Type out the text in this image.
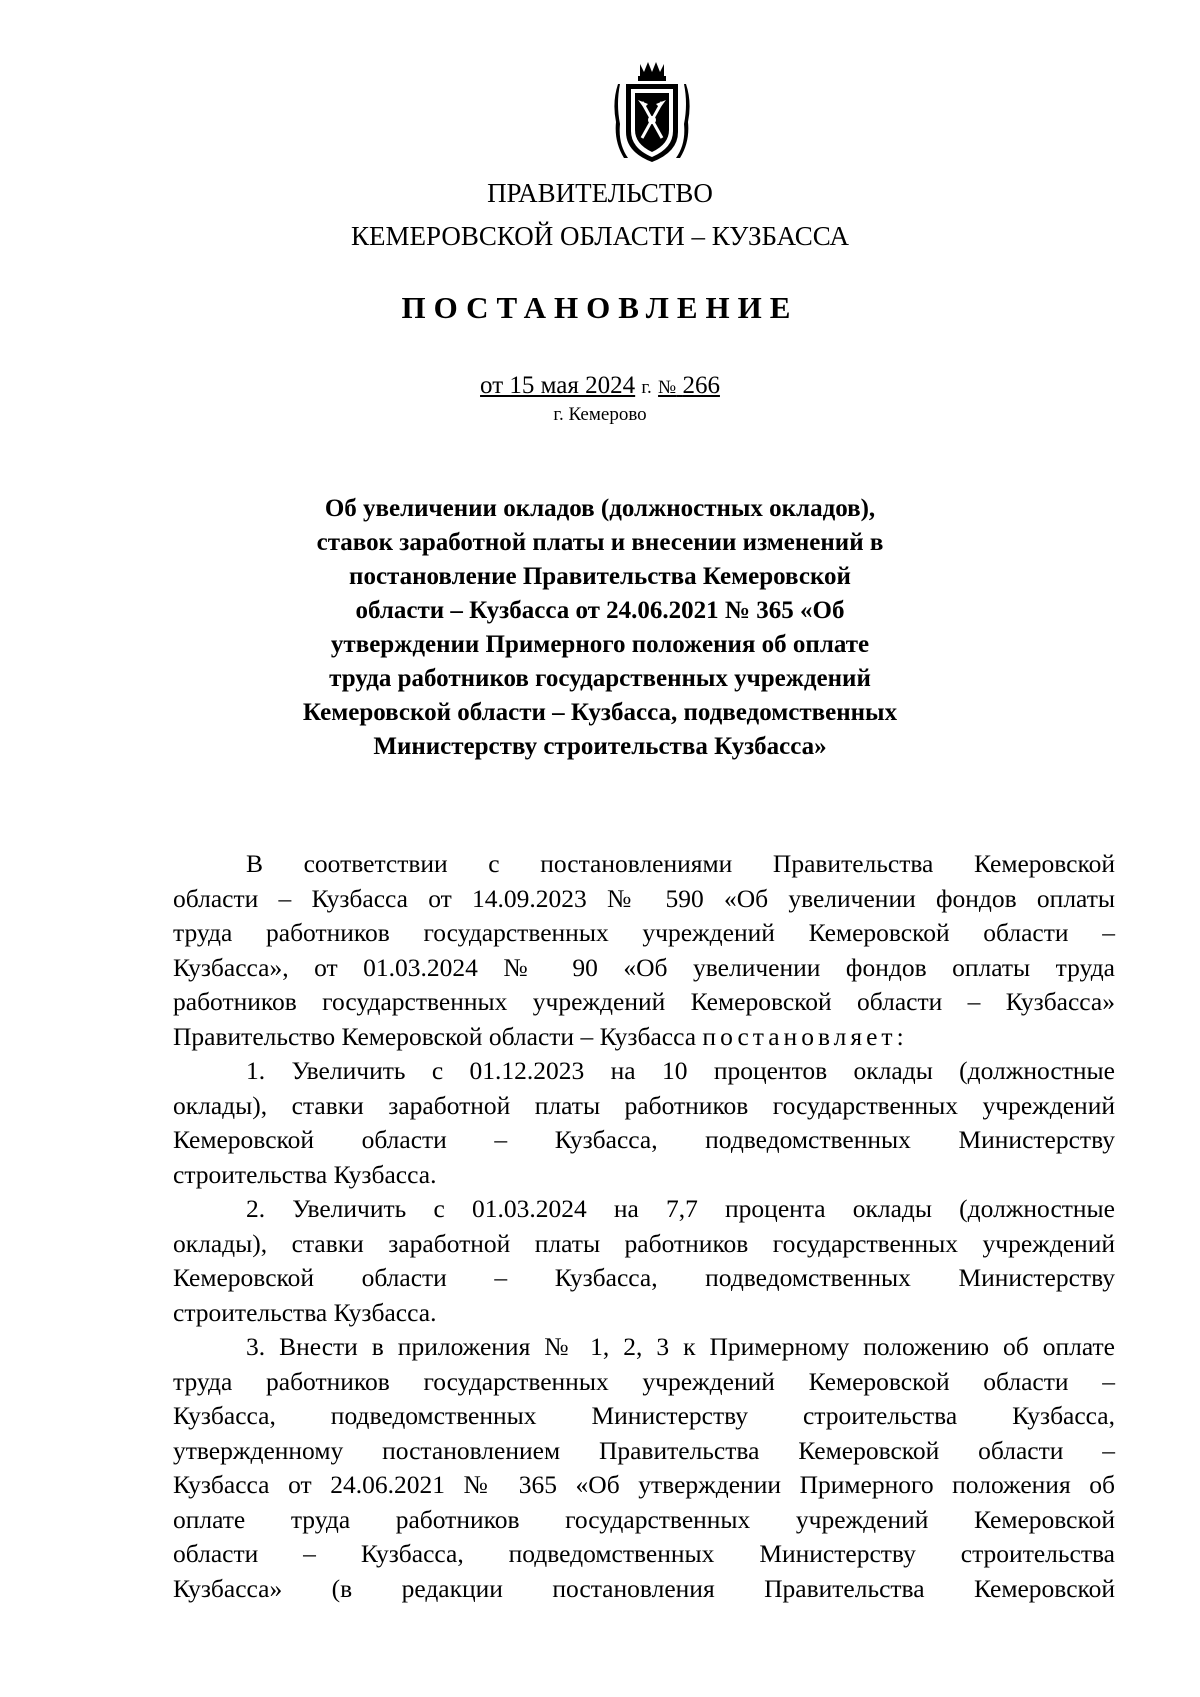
ПРАВИТЕЛЬСТВО
КЕМЕРОВСКОЙ ОБЛАСТИ – КУЗБАССА
ПОСТАНОВЛЕНИЕ
от 15 мая 2024 г. № 266
г. Кемерово
Об увеличении окладов (должностных окладов),
ставок заработной платы и внесении изменений в
постановление Правительства Кемеровской
области – Кузбасса от 24.06.2021 № 365 «Об
утверждении Примерного положения об оплате
труда работников государственных учреждений
Кемеровской области – Кузбасса, подведомственных
Министерству строительства Кузбасса»
В соответствии с постановлениями Правительства Кемеровской
области – Кузбасса от 14.09.2023 № 590 «Об увеличении фондов оплаты
труда работников государственных учреждений Кемеровской области –
Кузбасса», от 01.03.2024 № 90 «Об увеличении фондов оплаты труда
работников государственных учреждений Кемеровской области – Кузбасса»
Правительство Кемеровской области – Кузбасса постановляет:
1. Увеличить с 01.12.2023 на 10 процентов оклады (должностные
оклады), ставки заработной платы работников государственных учреждений
Кемеровской области – Кузбасса, подведомственных Министерству
строительства Кузбасса.
2. Увеличить с 01.03.2024 на 7,7 процента оклады (должностные
оклады), ставки заработной платы работников государственных учреждений
Кемеровской области – Кузбасса, подведомственных Министерству
строительства Кузбасса.
3. Внести в приложения № 1, 2, 3 к Примерному положению об оплате
труда работников государственных учреждений Кемеровской области –
Кузбасса, подведомственных Министерству строительства Кузбасса,
утвержденному постановлением Правительства Кемеровской области –
Кузбасса от 24.06.2021 № 365 «Об утверждении Примерного положения об
оплате труда работников государственных учреждений Кемеровской
области – Кузбасса, подведомственных Министерству строительства
Кузбасса» (в редакции постановления Правительства Кемеровской
